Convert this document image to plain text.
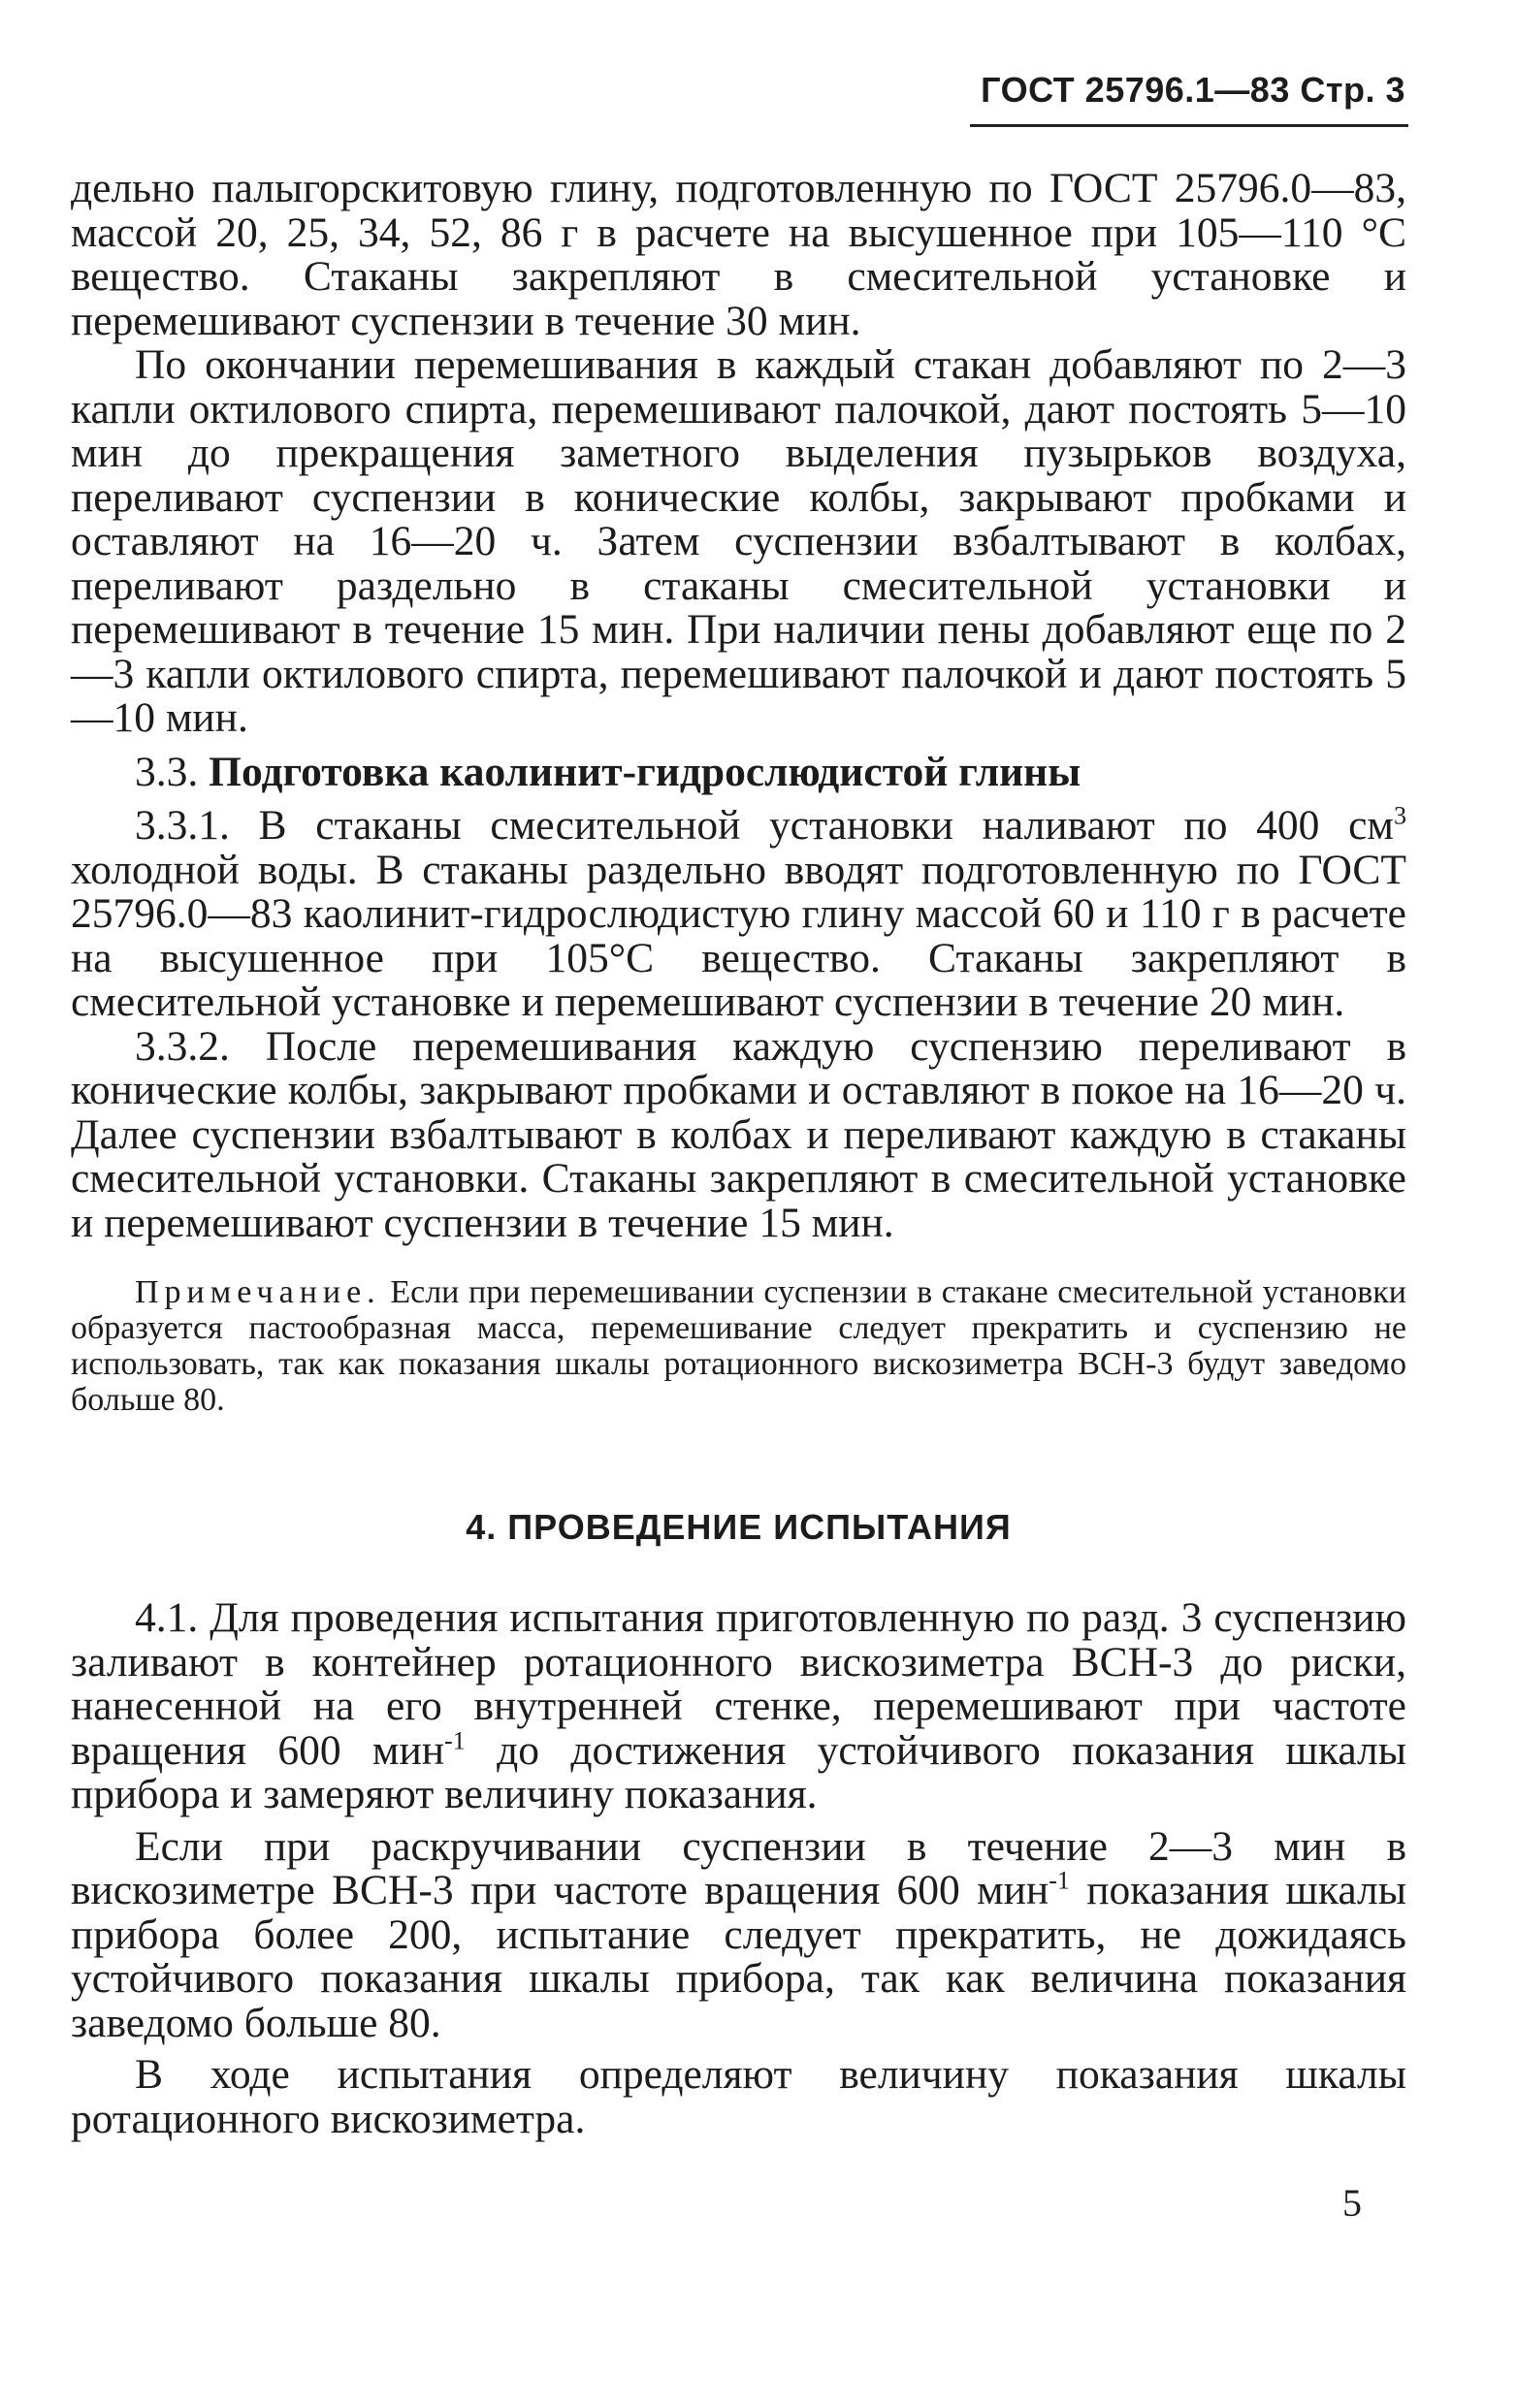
ГОСТ 25796.1—83 Стр. 3

дельно палыгорскитовую глину, подготовленную по ГОСТ 25796.0—83, массой 20, 25, 34, 52, 86 г в расчете на высушенное при 105—110 °С вещество. Стаканы закрепляют в смесительной установке и перемешивают суспензии в течение 30 мин.

По окончании перемешивания в каждый стакан добавляют по 2—3 капли октилового спирта, перемешивают палочкой, дают постоять 5—10 мин до прекращения заметного выделения пузырьков воздуха, переливают суспензии в конические колбы, закрывают пробками и оставляют на 16—20 ч. Затем суспензии взбалтывают в колбах, переливают раздельно в стаканы смесительной установки и перемешивают в течение 15 мин. При наличии пены добавляют еще по 2—3 капли октилового спирта, перемешивают палочкой и дают постоять 5—10 мин.

3.3. Подготовка каолинит-гидрослюдистой глины

3.3.1. В стаканы смесительной установки наливают по 400 $см^3$ холодной воды. В стаканы раздельно вводят подготовленную по ГОСТ 25796.0—83 каолинит-гидрослюдистую глину массой 60 и 110 г в расчете на высушенное при 105°С вещество. Стаканы закрепляют в смесительной установке и перемешивают суспензии в течение 20 мин.

3.3.2. После перемешивания каждую суспензию переливают в конические колбы, закрывают пробками и оставляют в покое на 16—20 ч. Далее суспензии взбалтывают в колбах и переливают каждую в стаканы смесительной установки. Стаканы закрепляют в смесительной установке и перемешивают суспензии в течение 15 мин.

Примечание. Если при перемешивании суспензии в стакане смесительной установки образуется пастообразная масса, перемешивание следует прекратить и суспензию не использовать, так как показания шкалы ротационного вискозиметра ВСН-3 будут заведомо больше 80.

4. ПРОВЕДЕНИЕ ИСПЫТАНИЯ

4.1. Для проведения испытания приготовленную по разд. 3 суспензию заливают в контейнер ротационного вискозиметра ВСН-3 до риски, нанесенной на его внутренней стенке, перемешивают при частоте вращения 600 мин$^{-1}$ до достижения устойчивого показания шкалы прибора и замеряют величину показания.

Если при раскручивании суспензии в течение 2—3 мин в вискозиметре ВСН-3 при частоте вращения 600 мин$^{-1}$ показания шкалы прибора более 200, испытание следует прекратить, не дожидаясь устойчивого показания шкалы прибора, так как величина показания заведомо больше 80.

В ходе испытания определяют величину показания шкалы ротационного вискозиметра.

5
